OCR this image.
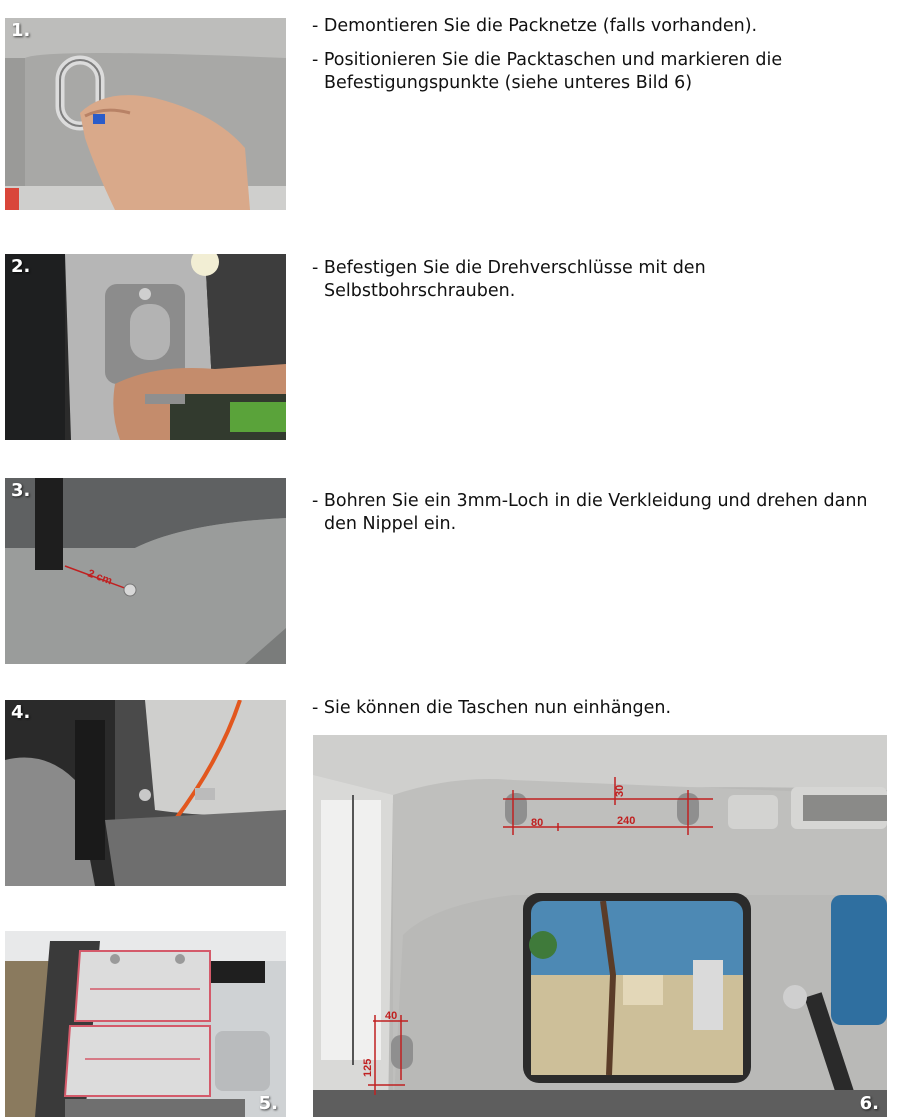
1.	- Demontieren Sie die Packnetze (falls vorhanden).

- Positionieren Sie die Packtaschen und markieren die Befestigungspunkte (siehe unteres Bild 6)

2.	- Befestigen Sie die Drehverschlüsse mit den Selbstbohrschrauben.

3.
2 cm

- Bohren Sie ein 3mm-Loch in die Verkleidung und drehen dann den Nippel ein.

4.	- Sie können die Taschen nun einhängen.

5.	6.
30
80	240
40
125
